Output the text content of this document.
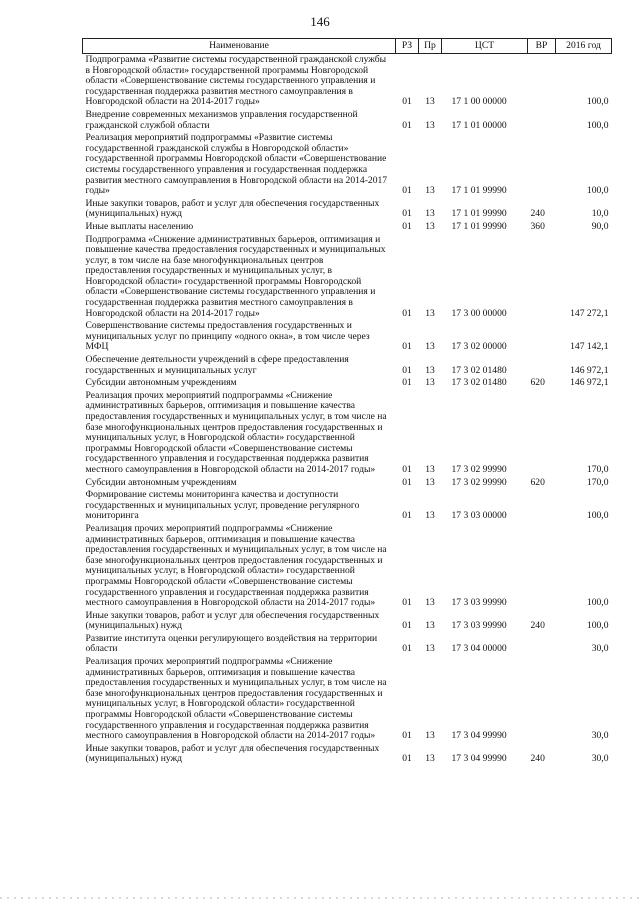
146
Наименование	РЗ	Пр	ЦСТ	ВР	2016 год
Подпрограмма «Развитие системы государственной гражданской службы в Новгородской области» государственной программы Новгородской области «Совершенствование системы государственного управления и государственная поддержка развития местного самоуправления в Новгородской области на 2014-2017 годы»	01	13	17 1 00 00000		100,0
Внедрение современных механизмов управления государственной гражданской службой области	01	13	17 1 01 00000		100,0
Реализация мероприятий подпрограммы «Развитие системы государственной гражданской службы в Новгородской области» государственной программы Новгородской области «Совершенствование системы государственного управления и государственная поддержка развития местного самоуправления в Новгородской области на 2014-2017 годы»	01	13	17 1 01 99990		100,0
Иные закупки товаров, работ и услуг для обеспечения государственных (муниципальных) нужд	01	13	17 1 01 99990	240	10,0
Иные выплаты населению	01	13	17 1 01 99990	360	90,0
Подпрограмма «Снижение административных барьеров, оптимизация и повышение качества предоставления государственных и муниципальных услуг, в том числе на базе многофункциональных центров предоставления государственных и муниципальных услуг, в Новгородской области» государственной программы Новгородской области «Совершенствование системы государственного управления и государственная поддержка развития местного самоуправления в Новгородской области на 2014-2017 годы»	01	13	17 3 00 00000		147 272,1
Совершенствование системы предоставления государственных и муниципальных услуг по принципу «одного окна», в том числе через МФЦ	01	13	17 3 02 00000		147 142,1
Обеспечение деятельности учреждений в сфере предоставления государственных и муниципальных услуг	01	13	17 3 02 01480		146 972,1
Субсидии автономным учреждениям	01	13	17 3 02 01480	620	146 972,1
Реализация прочих мероприятий подпрограммы «Снижение административных барьеров, оптимизация и повышение качества предоставления государственных и муниципальных услуг, в том числе на базе многофункциональных центров предоставления государственных и муниципальных услуг, в Новгородской области» государственной программы Новгородской области «Совершенствование системы государственного управления и государственная поддержка развития местного самоуправления в Новгородской области на 2014-2017 годы»	01	13	17 3 02 99990		170,0
Субсидии автономным учреждениям	01	13	17 3 02 99990	620	170,0
Формирование системы мониторинга качества и доступности государственных и муниципальных услуг, проведение регулярного мониторинга	01	13	17 3 03 00000		100,0
Реализация прочих мероприятий подпрограммы «Снижение административных барьеров, оптимизация и повышение качества предоставления государственных и муниципальных услуг, в том числе на базе многофункциональных центров предоставления государственных и муниципальных услуг, в Новгородской области» государственной программы Новгородской области «Совершенствование системы государственного управления и государственная поддержка развития местного самоуправления в Новгородской области на 2014-2017 годы»	01	13	17 3 03 99990		100,0
Иные закупки товаров, работ и услуг для обеспечения государственных (муниципальных) нужд	01	13	17 3 03 99990	240	100,0
Развитие института оценки регулирующего воздействия на территории области	01	13	17 3 04 00000		30,0
Реализация прочих мероприятий подпрограммы «Снижение административных барьеров, оптимизация и повышение качества предоставления государственных и муниципальных услуг, в том числе на базе многофункциональных центров предоставления государственных и муниципальных услуг, в Новгородской области» государственной программы Новгородской области «Совершенствование системы государственного управления и государственная поддержка развития местного самоуправления в Новгородской области на 2014-2017 годы»	01	13	17 3 04 99990		30,0
Иные закупки товаров, работ и услуг для обеспечения государственных (муниципальных) нужд	01	13	17 3 04 99990	240	30,0
